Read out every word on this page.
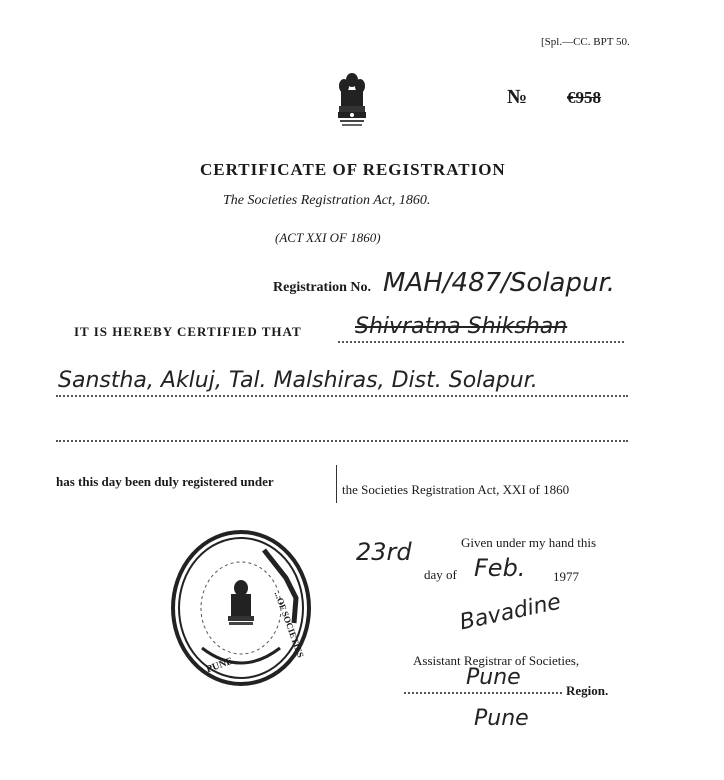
[Spl.—CC. BPT 50.
№ €958
CERTIFICATE OF REGISTRATION
The Societies Registration Act, 1860.
(ACT XXI OF 1860)
Registration No. MAH/487/Solapur.
IT IS HEREBY CERTIFIED THAT Shivratna Shikshan
Sanstha, Akluj, Tal. Malshiras, Dist. Solapur.
has this day been duly registered under
the Societies Registration Act, XXI of 1860
Given under my hand this
23rd
day of Feb. 1977
Bavadine
Assistant Registrar of Societies,
Pune
Region.
Pune
...OF SOCIETIES
PUNE
